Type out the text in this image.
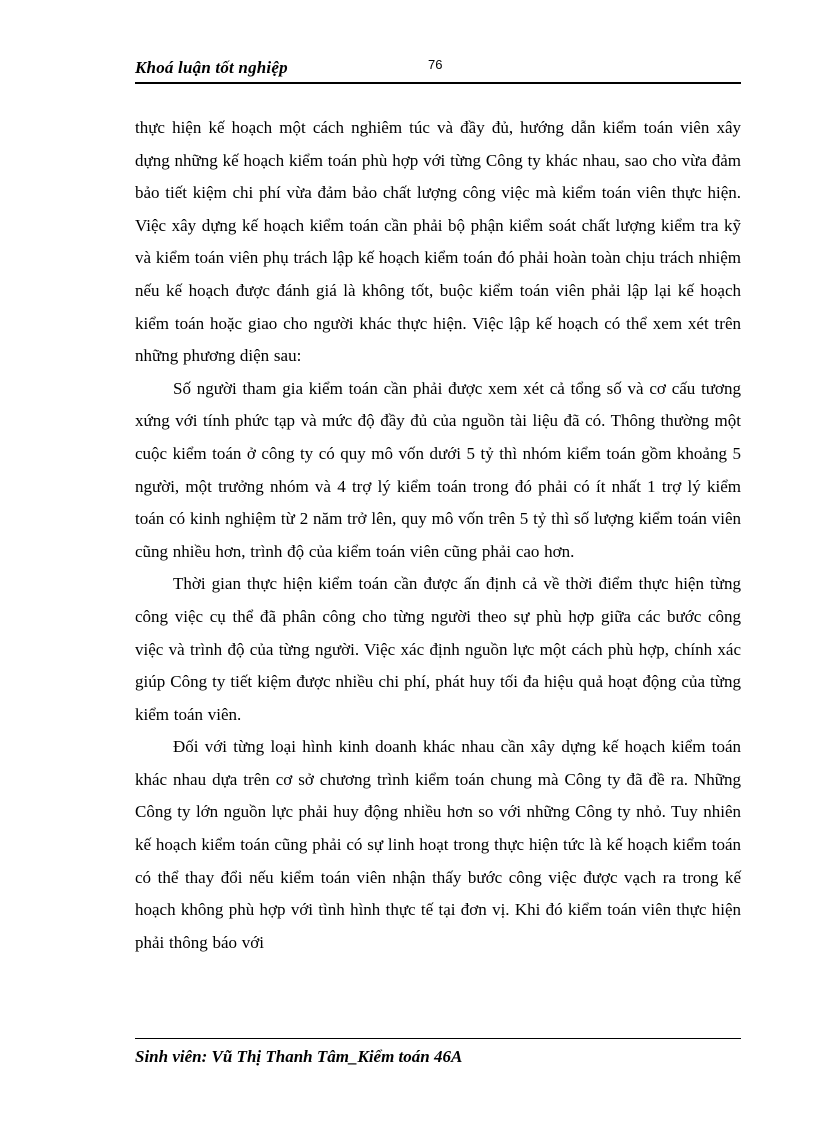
Khoá luận tốt nghiệp	76

thực hiện kế hoạch một cách nghiêm túc và đầy đủ, hướng dẫn kiểm toán viên xây dựng những kế hoạch kiểm toán phù hợp với từng Công ty khác nhau, sao cho vừa đảm bảo tiết kiệm chi phí vừa đảm bảo chất lượng công việc mà kiểm toán viên thực hiện. Việc xây dựng kế hoạch kiểm toán cần phải bộ phận kiểm soát chất lượng kiểm tra kỹ và kiểm toán viên phụ trách lập kế hoạch kiểm toán đó phải hoàn toàn chịu trách nhiệm nếu kế hoạch được đánh giá là không tốt, buộc kiểm toán viên phải lập lại kế hoạch kiểm toán hoặc giao cho người khác thực hiện. Việc lập kế hoạch có thể xem xét trên những phương diện sau:

Số người tham gia kiểm toán cần phải được xem xét cả tổng số và cơ cấu tương xứng với tính phức tạp và mức độ đầy đủ của nguồn tài liệu đã có. Thông thường một cuộc kiểm toán ở công ty có quy mô vốn dưới 5 tỷ thì nhóm kiểm toán gồm khoảng 5 người, một trưởng nhóm và 4 trợ lý kiểm toán trong đó phải có ít nhất 1 trợ lý kiểm toán có kinh nghiệm từ 2 năm trở lên, quy mô vốn trên 5 tỷ thì số lượng kiểm toán viên cũng nhiều hơn, trình độ của kiểm toán viên cũng phải cao hơn.

Thời gian thực hiện kiểm toán cần được ấn định cả về thời điểm thực hiện từng công việc cụ thể đã phân công cho từng người theo sự phù hợp giữa các bước công việc và trình độ của từng người. Việc xác định nguồn lực một cách phù hợp, chính xác giúp Công ty tiết kiệm được nhiều chi phí, phát huy tối đa hiệu quả hoạt động của từng kiểm toán viên.

Đối với từng loại hình kinh doanh khác nhau cần xây dựng kế hoạch kiểm toán khác nhau dựa trên cơ sở chương trình kiểm toán chung mà Công ty đã đề ra. Những Công ty lớn nguồn lực phải huy động nhiều hơn so với những Công ty nhỏ. Tuy nhiên kế hoạch kiểm toán cũng phải có sự linh hoạt trong thực hiện tức là kế hoạch kiểm toán có thể thay đổi nếu kiểm toán viên nhận thấy bước công việc được vạch ra trong kế hoạch không phù hợp với tình hình thực tế tại đơn vị. Khi đó kiểm toán viên thực hiện phải thông báo với

Sinh viên: Vũ Thị Thanh Tâm_Kiểm toán 46A
